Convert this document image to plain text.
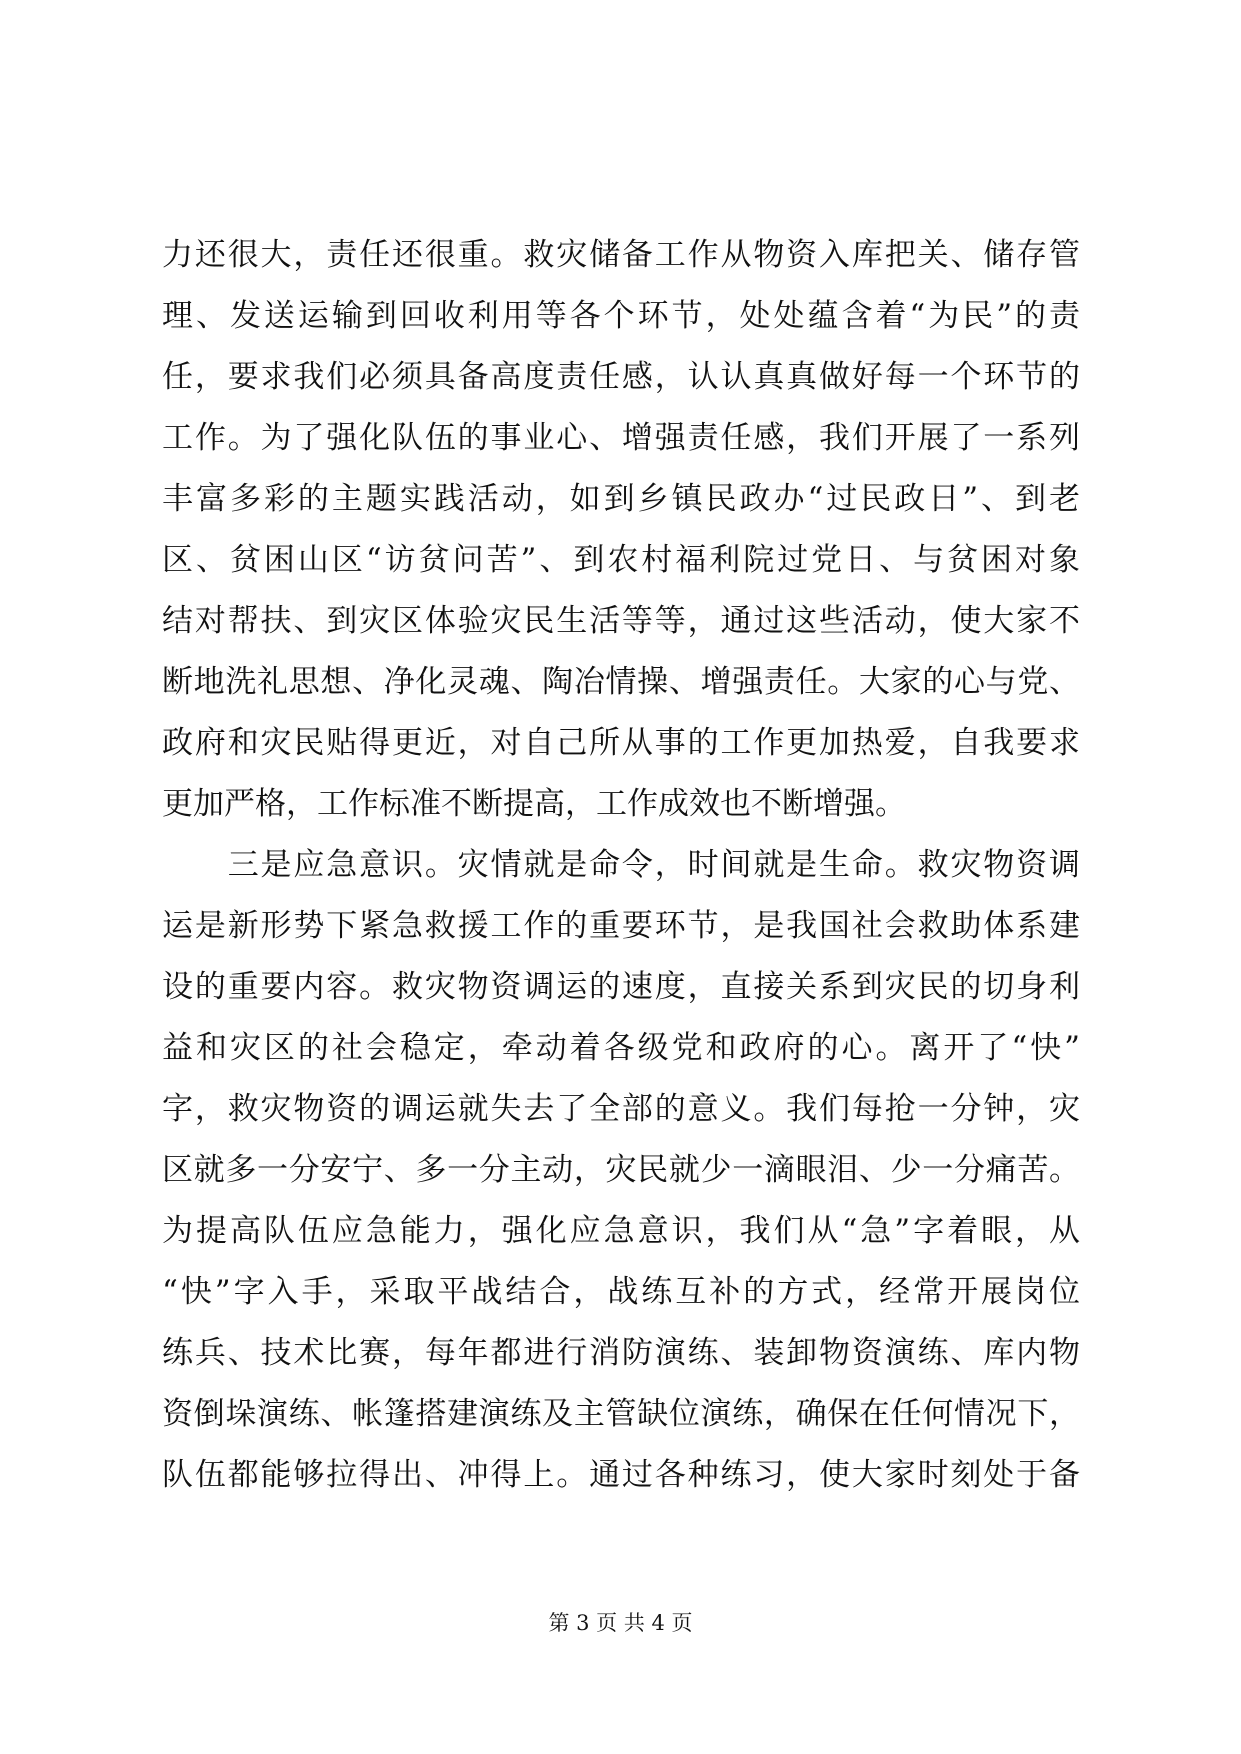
力还很大，责任还很重。救灾储备工作从物资入库把关、储存管
理、发送运输到回收利用等各个环节，处处蕴含着“为民”的责
任，要求我们必须具备高度责任感，认认真真做好每一个环节的
工作。为了强化队伍的事业心、增强责任感，我们开展了一系列
丰富多彩的主题实践活动，如到乡镇民政办“过民政日”、到老
区、贫困山区“访贫问苦”、到农村福利院过党日、与贫困对象
结对帮扶、到灾区体验灾民生活等等，通过这些活动，使大家不
断地洗礼思想、净化灵魂、陶冶情操、增强责任。大家的心与党、
政府和灾民贴得更近，对自己所从事的工作更加热爱，自我要求
更加严格，工作标准不断提高，工作成效也不断增强。
　　三是应急意识。灾情就是命令，时间就是生命。救灾物资调
运是新形势下紧急救援工作的重要环节，是我国社会救助体系建
设的重要内容。救灾物资调运的速度，直接关系到灾民的切身利
益和灾区的社会稳定，牵动着各级党和政府的心。离开了“快”
字，救灾物资的调运就失去了全部的意义。我们每抢一分钟，灾
区就多一分安宁、多一分主动，灾民就少一滴眼泪、少一分痛苦。
为提高队伍应急能力，强化应急意识，我们从“急”字着眼，从
“快”字入手，采取平战结合，战练互补的方式，经常开展岗位
练兵、技术比赛，每年都进行消防演练、装卸物资演练、库内物
资倒垛演练、帐篷搭建演练及主管缺位演练，确保在任何情况下，
队伍都能够拉得出、冲得上。通过各种练习，使大家时刻处于备
第 3 页 共 4 页
